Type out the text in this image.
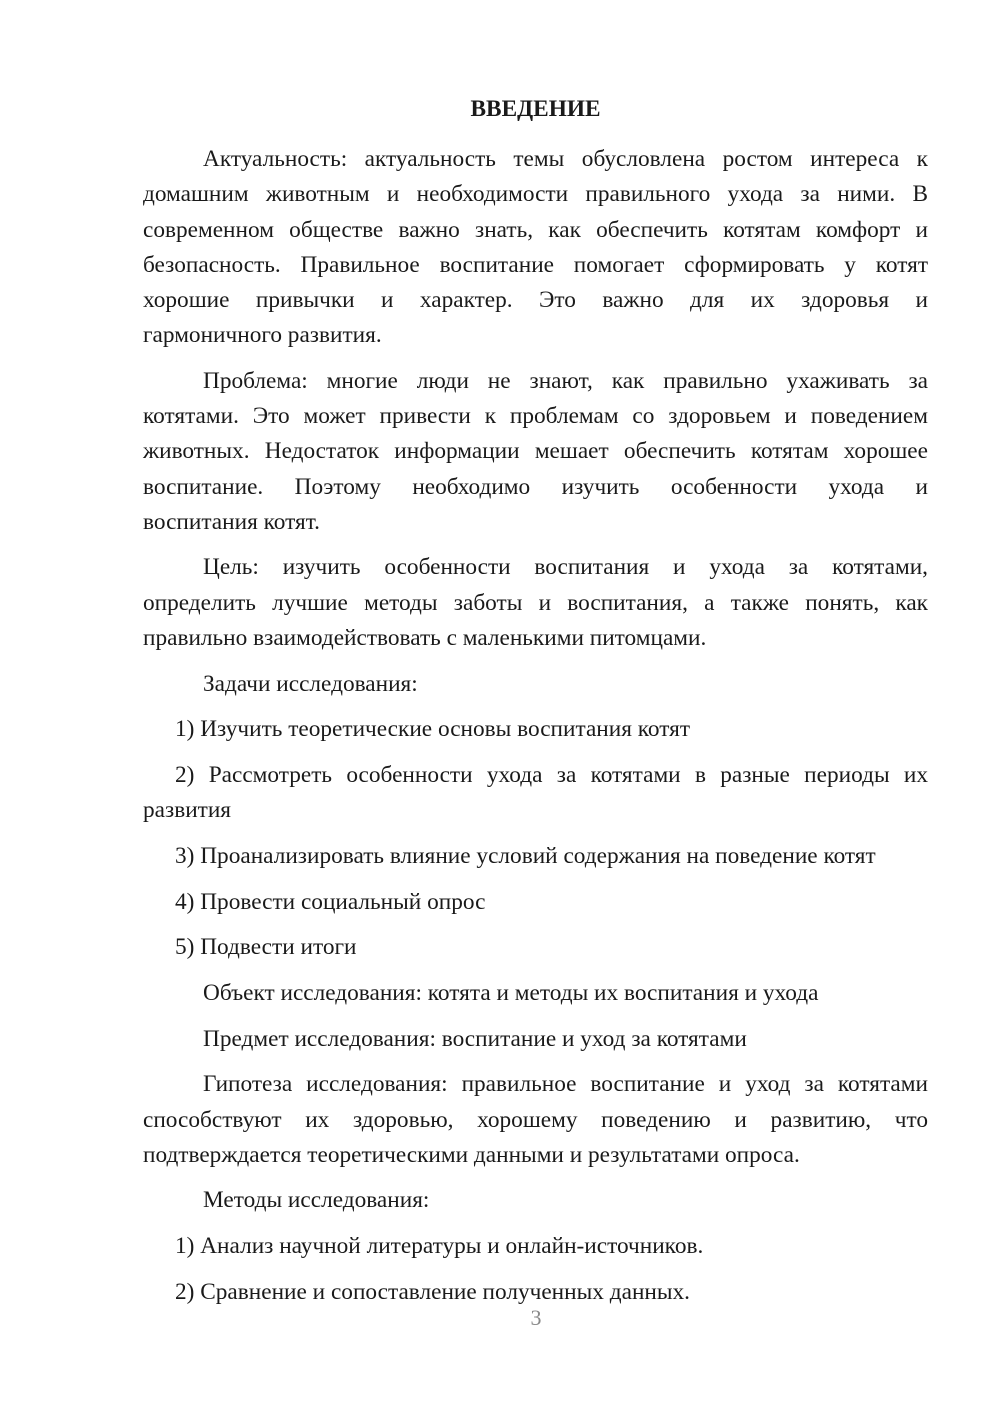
ВВЕДЕНИЕ
Актуальность: актуальность темы обусловлена ростом интереса к
домашним животным и необходимости правильного ухода за ними. В
современном обществе важно знать, как обеспечить котятам комфорт и
безопасность. Правильное воспитание помогает сформировать у котят
хорошие привычки и характер. Это важно для их здоровья и
гармоничного развития.
Проблема: многие люди не знают, как правильно ухаживать за
котятами. Это может привести к проблемам со здоровьем и поведением
животных. Недостаток информации мешает обеспечить котятам хорошее
воспитание. Поэтому необходимо изучить особенности ухода и
воспитания котят.
Цель: изучить особенности воспитания и ухода за котятами,
определить лучшие методы заботы и воспитания, а также понять, как
правильно взаимодействовать с маленькими питомцами.
Задачи исследования:
1) Изучить теоретические основы воспитания котят
2) Рассмотреть особенности ухода за котятами в разные периоды их
развития
3) Проанализировать влияние условий содержания на поведение котят
4) Провести социальный опрос
5) Подвести итоги
Объект исследования: котята и методы их воспитания и ухода
Предмет исследования: воспитание и уход за котятами
Гипотеза исследования: правильное воспитание и уход за котятами
способствуют их здоровью, хорошему поведению и развитию, что
подтверждается теоретическими данными и результатами опроса.
Методы исследования:
1) Анализ научной литературы и онлайн-источников.
2) Сравнение и сопоставление полученных данных.
3
